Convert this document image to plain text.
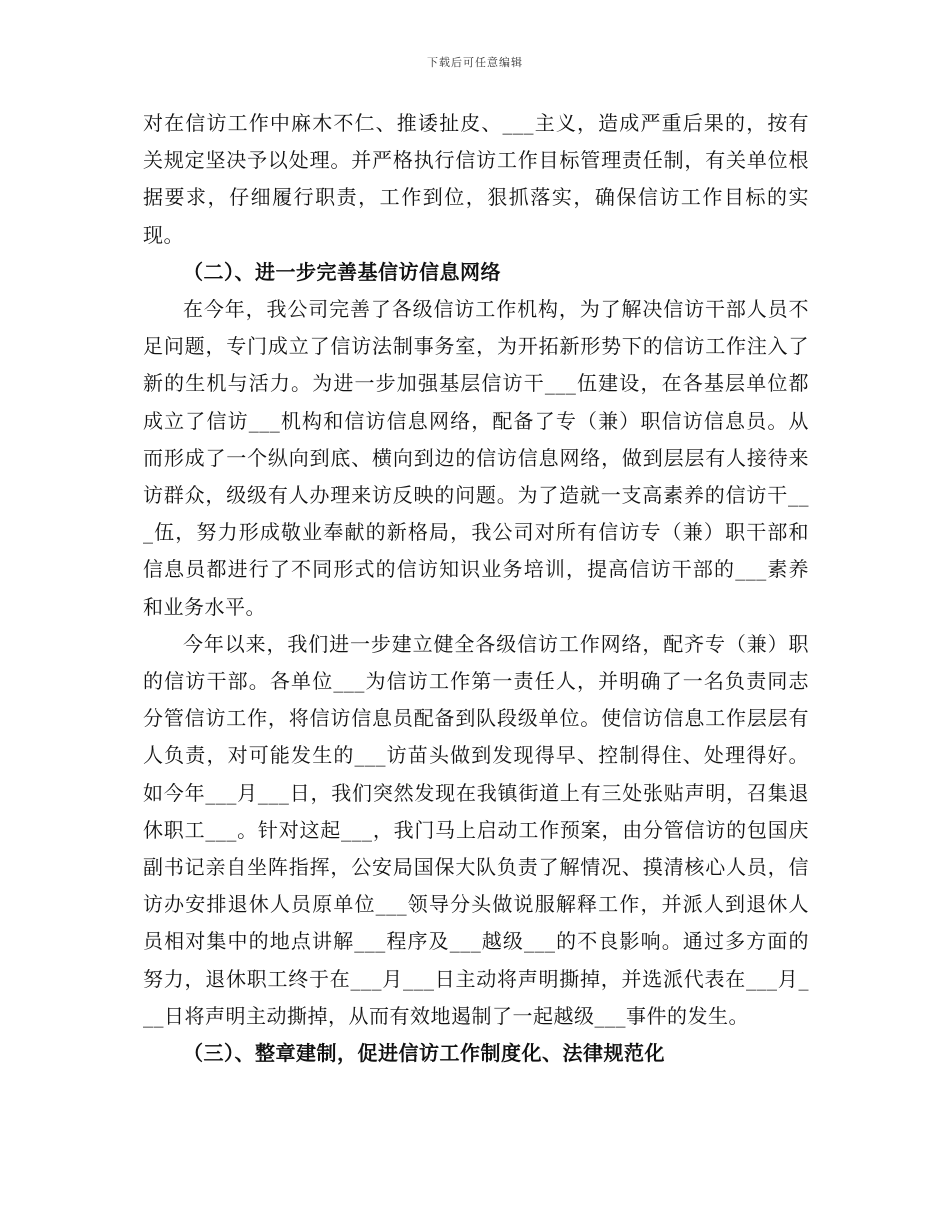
下载后可任意编辑

对在信访工作中麻木不仁、推诿扯皮、___主义，造成严重后果的，按有关规定坚决予以处理。并严格执行信访工作目标管理责任制，有关单位根据要求，仔细履行职责，工作到位，狠抓落实，确保信访工作目标的实现。

（二）、进一步完善基信访信息网络

在今年，我公司完善了各级信访工作机构，为了解决信访干部人员不足问题，专门成立了信访法制事务室，为开拓新形势下的信访工作注入了新的生机与活力。为进一步加强基层信访干___伍建设，在各基层单位都成立了信访___机构和信访信息网络，配备了专（兼）职信访信息员。从而形成了一个纵向到底、横向到边的信访信息网络，做到层层有人接待来访群众，级级有人办理来访反映的问题。为了造就一支高素养的信访干___伍，努力形成敬业奉献的新格局，我公司对所有信访专（兼）职干部和信息员都进行了不同形式的信访知识业务培训，提高信访干部的___素养和业务水平。

今年以来，我们进一步建立健全各级信访工作网络，配齐专（兼）职的信访干部。各单位___为信访工作第一责任人，并明确了一名负责同志分管信访工作，将信访信息员配备到队段级单位。使信访信息工作层层有人负责，对可能发生的___访苗头做到发现得早、控制得住、处理得好。如今年___月___日，我们突然发现在我镇街道上有三处张贴声明，召集退休职工___。针对这起___，我门马上启动工作预案，由分管信访的包国庆副书记亲自坐阵指挥，公安局国保大队负责了解情况、摸清核心人员，信访办安排退休人员原单位___领导分头做说服解释工作，并派人到退休人员相对集中的地点讲解___程序及___越级___的不良影响。通过多方面的努力，退休职工终于在___月___日主动将声明撕掉，并选派代表在___月___日将声明主动撕掉，从而有效地遏制了一起越级___事件的发生。

（三）、整章建制，促进信访工作制度化、法律规范化
